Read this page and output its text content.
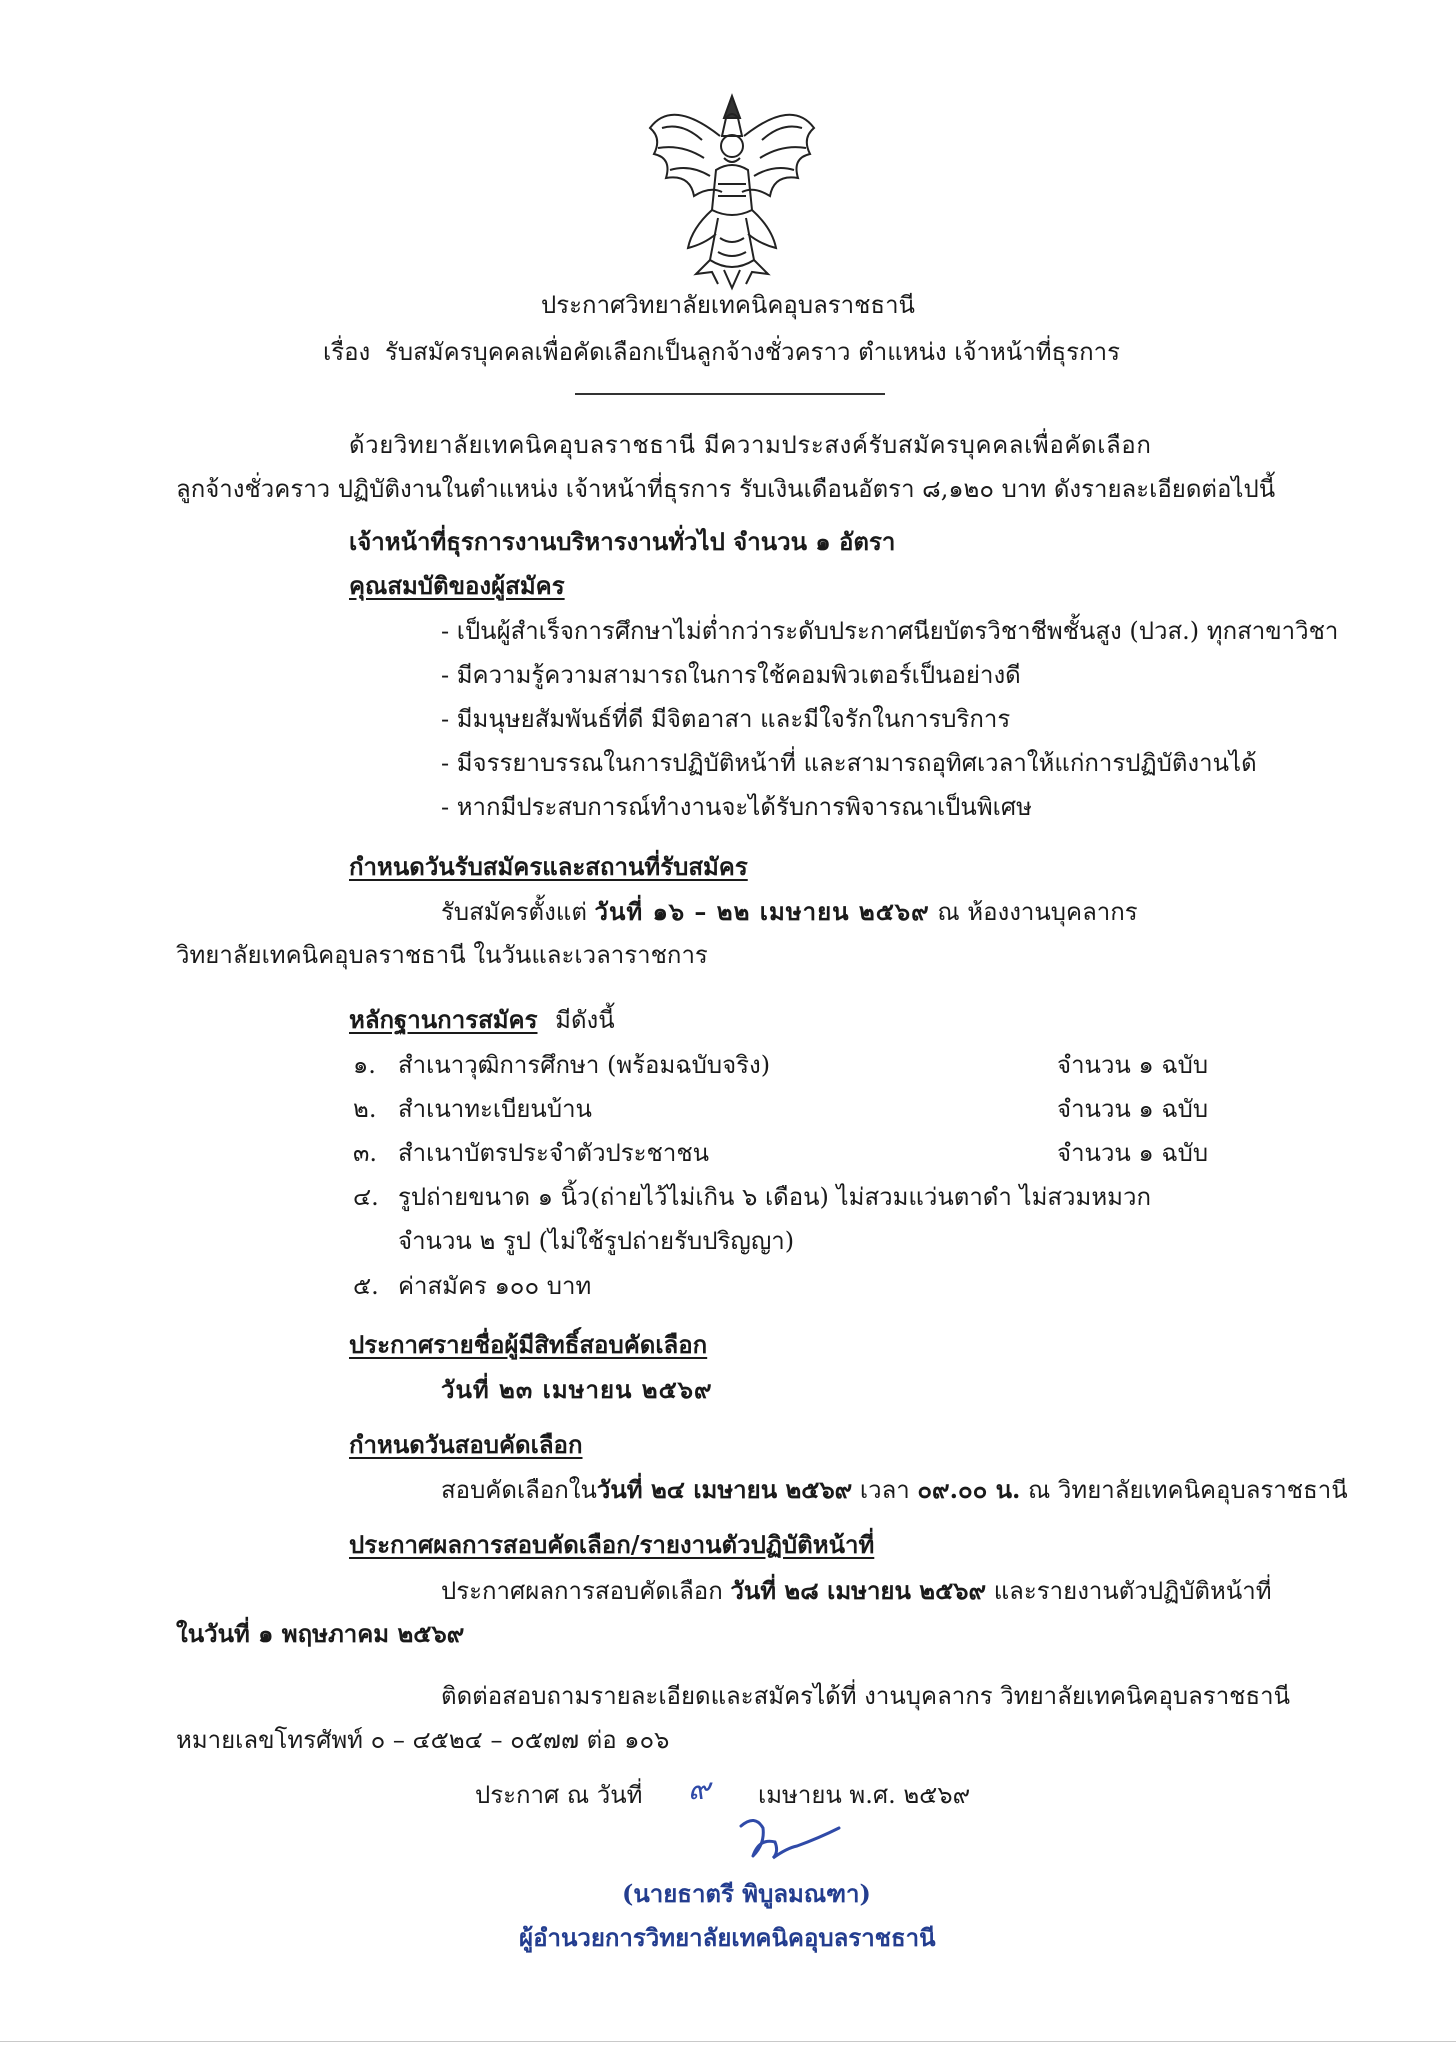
ประกาศวิทยาลัยเทคนิคอุบลราชธานี
เรื่อง รับสมัครบุคคลเพื่อคัดเลือกเป็นลูกจ้างชั่วคราว ตำแหน่ง เจ้าหน้าที่ธุรการ
ด้วยวิทยาลัยเทคนิคอุบลราชธานี มีความประสงค์รับสมัครบุคคลเพื่อคัดเลือก
ลูกจ้างชั่วคราว ปฏิบัติงานในตำแหน่ง เจ้าหน้าที่ธุรการ รับเงินเดือนอัตรา ๘,๑๒๐ บาท ดังรายละเอียดต่อไปนี้
เจ้าหน้าที่ธุรการงานบริหารงานทั่วไป จำนวน ๑ อัตรา
คุณสมบัติของผู้สมัคร
- เป็นผู้สำเร็จการศึกษาไม่ต่ำกว่าระดับประกาศนียบัตรวิชาชีพชั้นสูง (ปวส.) ทุกสาขาวิชา
- มีความรู้ความสามารถในการใช้คอมพิวเตอร์เป็นอย่างดี
- มีมนุษยสัมพันธ์ที่ดี มีจิตอาสา และมีใจรักในการบริการ
- มีจรรยาบรรณในการปฏิบัติหน้าที่ และสามารถอุทิศเวลาให้แก่การปฏิบัติงานได้
- หากมีประสบการณ์ทำงานจะได้รับการพิจารณาเป็นพิเศษ
กำหนดวันรับสมัครและสถานที่รับสมัคร
รับสมัครตั้งแต่ วันที่ ๑๖ – ๒๒ เมษายน ๒๕๖๙ ณ ห้องงานบุคลากร
วิทยาลัยเทคนิคอุบลราชธานี ในวันและเวลาราชการ
หลักฐานการสมัคร มีดังนี้
๑. สำเนาวุฒิการศึกษา (พร้อมฉบับจริง)	จำนวน ๑ ฉบับ
๒. สำเนาทะเบียนบ้าน	จำนวน ๑ ฉบับ
๓. สำเนาบัตรประจำตัวประชาชน	จำนวน ๑ ฉบับ
๔. รูปถ่ายขนาด ๑ นิ้ว(ถ่ายไว้ไม่เกิน ๖ เดือน) ไม่สวมแว่นตาดำ ไม่สวมหมวก
จำนวน ๒ รูป (ไม่ใช้รูปถ่ายรับปริญญา)
๕. ค่าสมัคร ๑๐๐ บาท
ประกาศรายชื่อผู้มีสิทธิ์สอบคัดเลือก
วันที่ ๒๓ เมษายน ๒๕๖๙
กำหนดวันสอบคัดเลือก
สอบคัดเลือกในวันที่ ๒๔ เมษายน ๒๕๖๙ เวลา ๐๙.๐๐ น. ณ วิทยาลัยเทคนิคอุบลราชธานี
ประกาศผลการสอบคัดเลือก/รายงานตัวปฏิบัติหน้าที่
ประกาศผลการสอบคัดเลือก วันที่ ๒๘ เมษายน ๒๕๖๙ และรายงานตัวปฏิบัติหน้าที่
ในวันที่ ๑ พฤษภาคม ๒๕๖๙
ติดต่อสอบถามรายละเอียดและสมัครได้ที่ งานบุคลากร วิทยาลัยเทคนิคอุบลราชธานี
หมายเลขโทรศัพท์ ๐ – ๔๕๒๔ – ๐๕๗๗ ต่อ ๑๐๖
ประกาศ ณ วันที่ ๙ เมษายน พ.ศ. ๒๕๖๙
(นายธาตรี พิบูลมณฑา)
ผู้อำนวยการวิทยาลัยเทคนิคอุบลราชธานี
